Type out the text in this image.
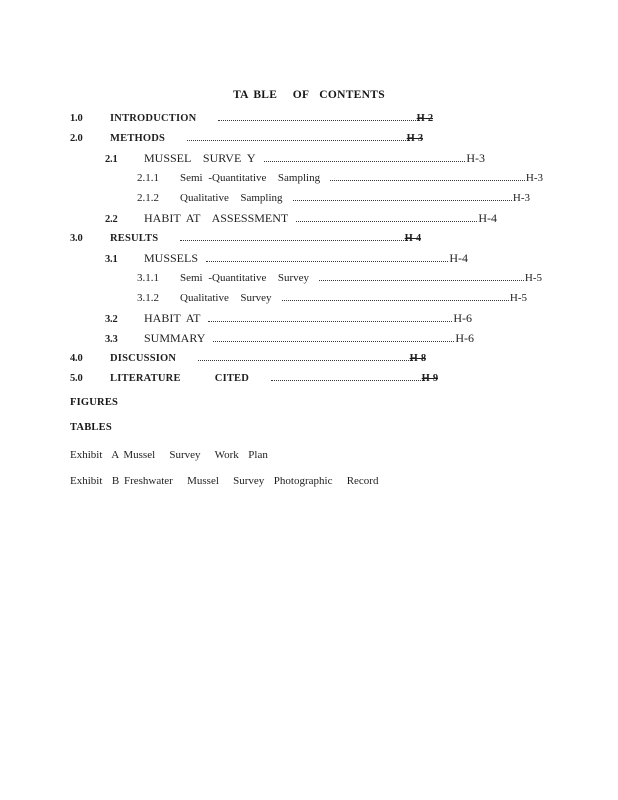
TA BLE   OF  CONTENTS
1.0	INTRODUCTION	H-2
2.0	METHODS	H-3
2.1	MUSSEL  SURVE Y	H-3
2.1.1	Semi -Quantitative  Sampling	H-3
2.1.2	Qualitative  Sampling	H-3
2.2	HABIT AT  ASSESSMENT	H-4
3.0	RESULTS	H-4
3.1	MUSSELS	H-4
3.1.1	Semi -Quantitative  Survey	H-5
3.1.2	Qualitative  Survey	H-5
3.2	HABIT AT	H-6
3.3	SUMMARY	H-6
4.0	DISCUSSION	H-8
5.0	LITERATURE     CITED	H-9
FIGURES
TABLES
Exhibit  A Mussel   Survey   Work  Plan
Exhibit  B Freshwater   Mussel   Survey  Photographic   Record
